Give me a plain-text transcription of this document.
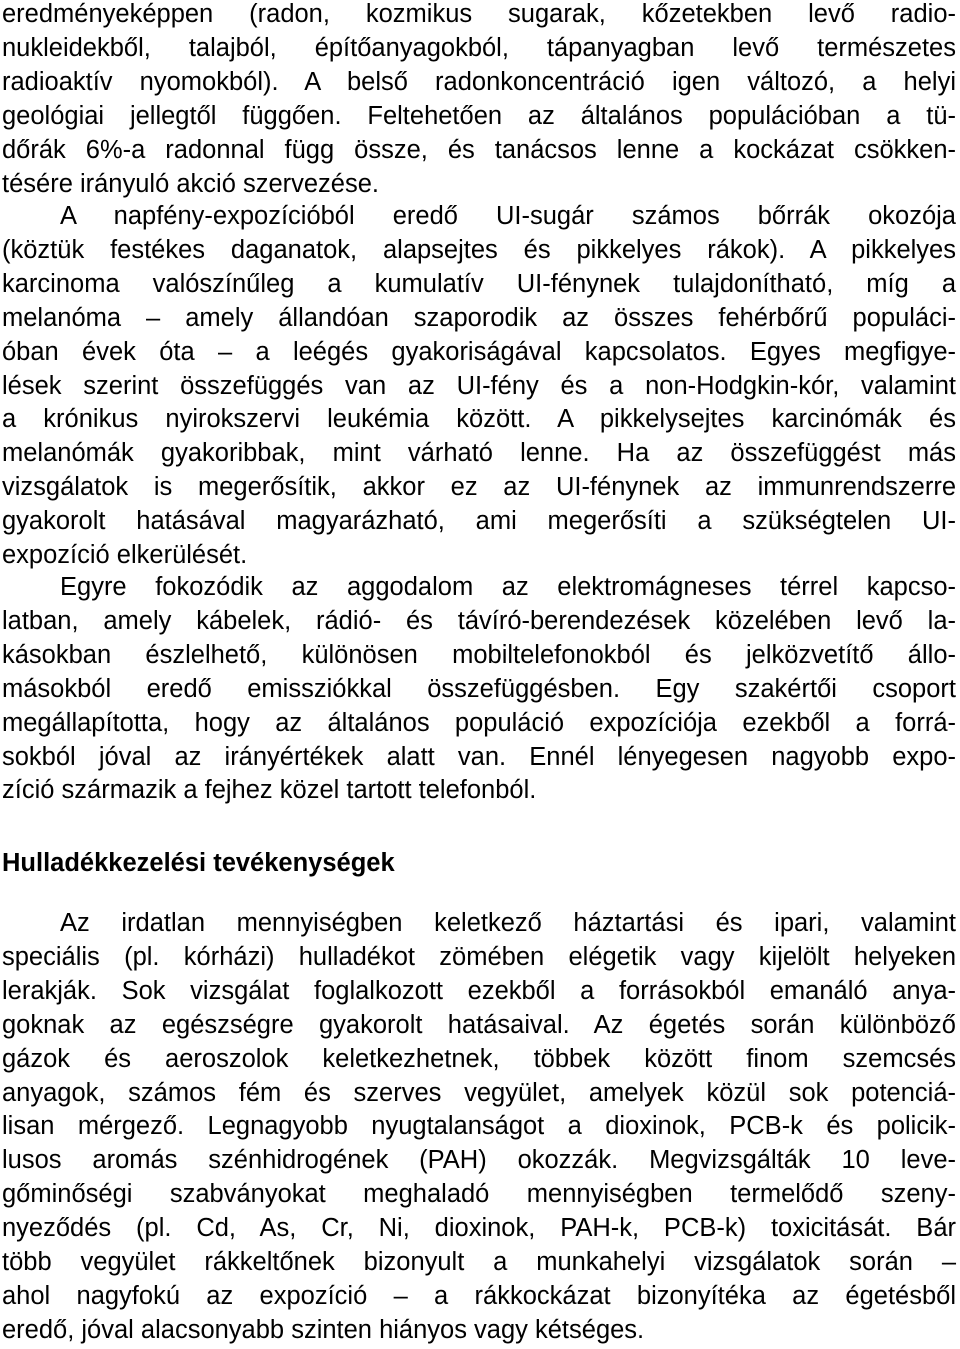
eredményeképpen (radon, kozmikus sugarak, kőzetekben levő radio-
nukleidekből, talajból, építőanyagokból, tápanyagban levő természetes
radioaktív nyomokból). A belső radonkoncentráció igen változó, a helyi
geológiai jellegtől függően. Feltehetően az általános populációban a tü-
dőrák 6%-a radonnal függ össze, és tanácsos lenne a kockázat csökken-
tésére irányuló akció szervezése.
A napfény-expozícióból eredő UI-sugár számos bőrrák okozója
(köztük festékes daganatok, alapsejtes és pikkelyes rákok). A pikkelyes
karcinoma valószínűleg a kumulatív UI-fénynek tulajdonítható, míg a
melanóma – amely állandóan szaporodik az összes fehérbőrű populáci-
óban évek óta – a leégés gyakoriságával kapcsolatos. Egyes megfigye-
lések szerint összefüggés van az UI-fény és a non-Hodgkin-kór, valamint
a krónikus nyirokszervi leukémia között. A pikkelysejtes karcinómák és
melanómák gyakoribbak, mint várható lenne. Ha az összefüggést más
vizsgálatok is megerősítik, akkor ez az UI-fénynek az immunrendszerre
gyakorolt hatásával magyarázható, ami megerősíti a szükségtelen UI-
expozíció elkerülését.
Egyre fokozódik az aggodalom az elektromágneses térrel kapcso-
latban, amely kábelek, rádió- és távíró-berendezések közelében levő la-
kásokban észlelhető, különösen mobiltelefonokból és jelközvetítő állo-
másokból eredő emissziókkal összefüggésben. Egy szakértői csoport
megállapította, hogy az általános populáció expozíciója ezekből a forrá-
sokból jóval az irányértékek alatt van. Ennél lényegesen nagyobb expo-
zíció származik a fejhez közel tartott telefonból.
Hulladékkezelési tevékenységek
Az irdatlan mennyiségben keletkező háztartási és ipari, valamint
speciális (pl. kórházi) hulladékot zömében elégetik vagy kijelölt helyeken
lerakják. Sok vizsgálat foglalkozott ezekből a forrásokból emanáló anya-
goknak az egészségre gyakorolt hatásaival. Az égetés során különböző
gázok és aeroszolok keletkezhetnek, többek között finom szemcsés
anyagok, számos fém és szerves vegyület, amelyek közül sok potenciá-
lisan mérgező. Legnagyobb nyugtalanságot a dioxinok, PCB-k és policik-
lusos aromás szénhidrogének (PAH) okozzák. Megvizsgálták 10 leve-
gőminőségi szabványokat meghaladó mennyiségben termelődő szeny-
nyeződés (pl. Cd, As, Cr, Ni, dioxinok, PAH-k, PCB-k) toxicitását. Bár
több vegyület rákkeltőnek bizonyult a munkahelyi vizsgálatok során –
ahol nagyfokú az expozíció – a rákkockázat bizonyítéka az égetésből
eredő, jóval alacsonyabb szinten hiányos vagy kétséges.
